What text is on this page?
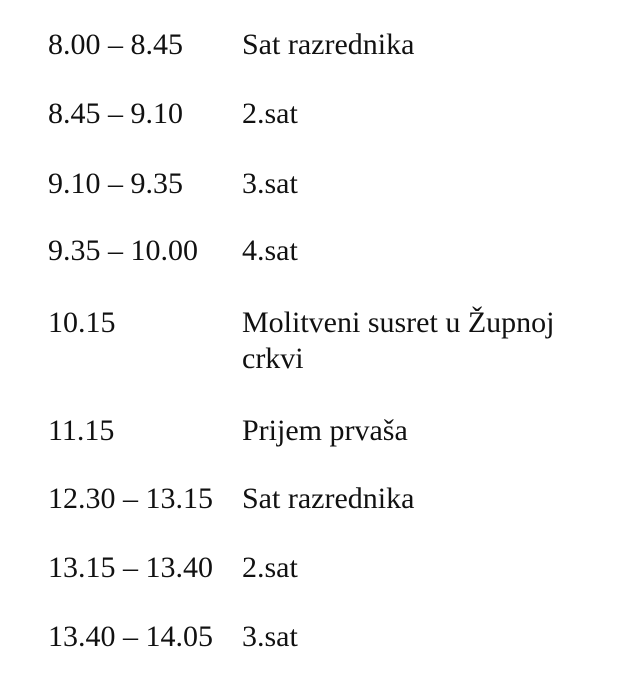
8.00 – 8.45 Sat razrednika
8.45 – 9.10 2.sat
9.10 – 9.35 3.sat
9.35 – 10.00 4.sat
10.15	Molitveni susret u Župnoj crkvi
11.15	Prijem prvaša
12.30 – 13.15 Sat razrednika
13.15 – 13.40 2.sat
13.40 – 14.05 3.sat
